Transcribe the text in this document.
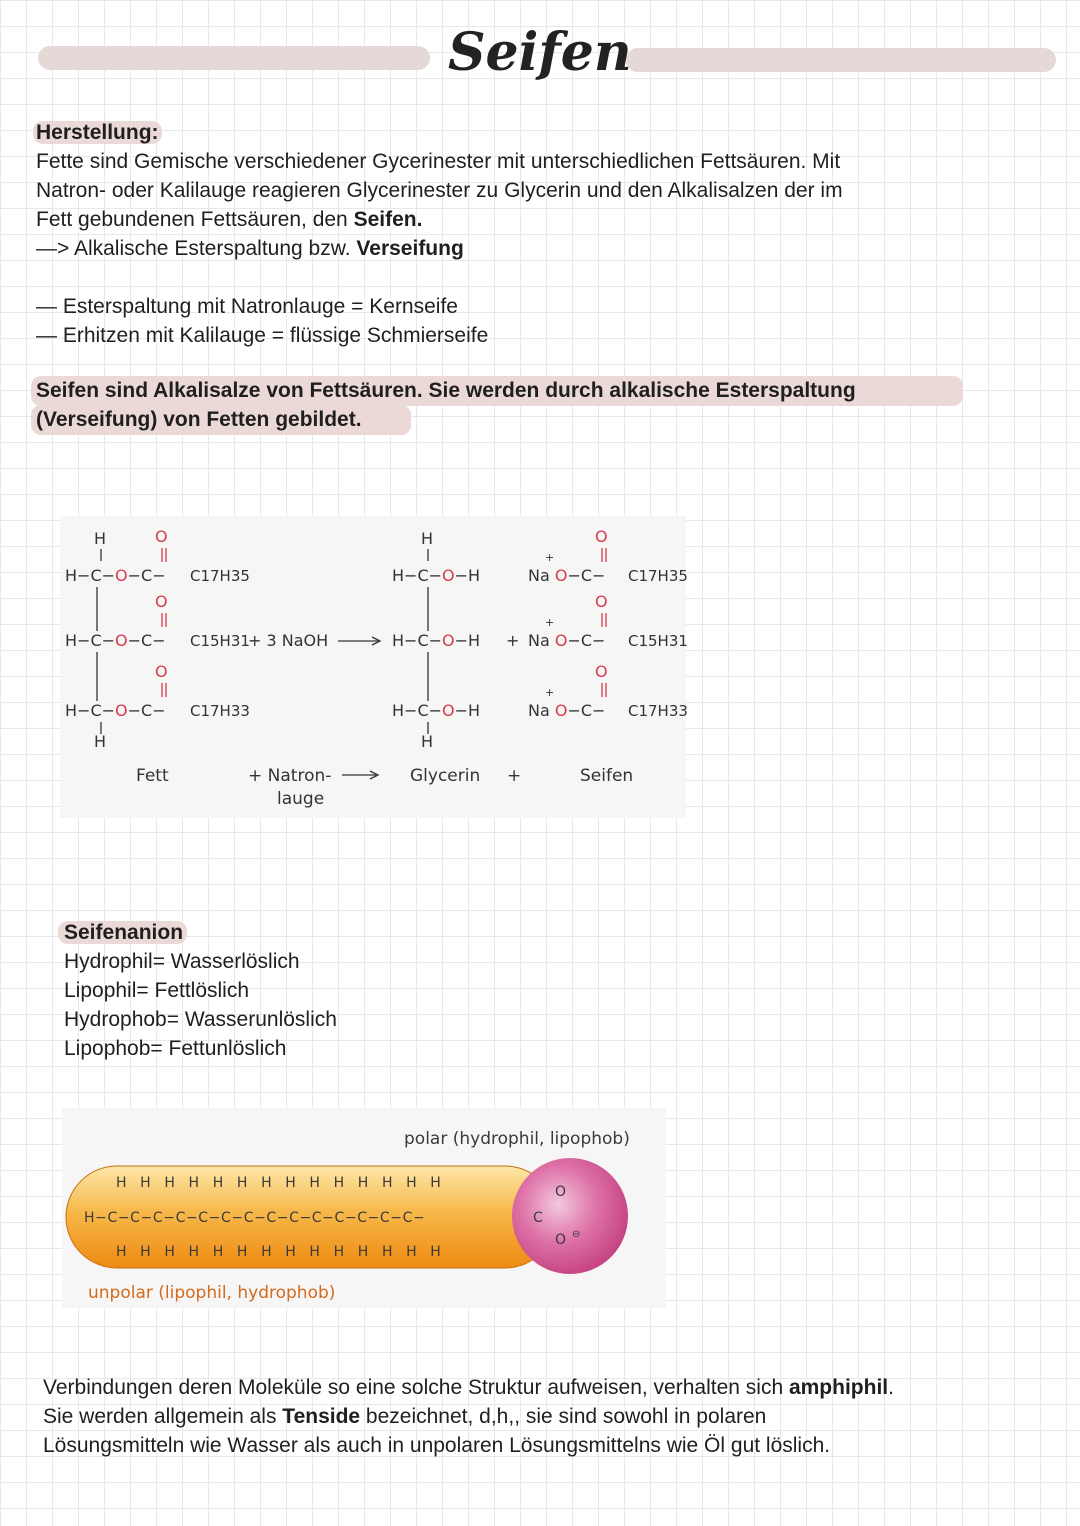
Seifen
Herstellung:
Fette sind Gemische verschiedener Gycerinester mit unterschiedlichen Fettsäuren. Mit
Natron- oder Kalilauge reagieren Glycerinester zu Glycerin und den Alkalisalzen der im
Fett gebundenen Fettsäuren, den Seifen.
—> Alkalische Esterspaltung bzw. Verseifung
— Esterspaltung mit Natronlauge = Kernseife
— Erhitzen mit Kalilauge = flüssige Schmierseife
Seifen sind Alkalisalze von Fettsäuren. Sie werden durch alkalische Esterspaltung
(Verseifung) von Fetten gebildet.
H
H−C−O−C−
H−C−O−C−
H−C−O−C−
H
O
O
O
C17H35
C15H31
C17H33
+ 3 NaOH
H
H−C−O−H
H−C−O−H
H−C−O−H
H
+
Na O−C−
Na O−C−
Na O−C−
+
+
+
O
O
O
C17H35
C15H31
C17H33
Fett	+ Natron-
lauge
Glycerin +	Seifen
Seifenanion
Hydrophil= Wasserlöslich
Lipophil= Fettlöslich
Hydrophob= Wasserunlöslich
Lipophob= Fettunlöslich
H H H H H H H H H H H H H H
H−C−C−C−C−C−C−C−C−C−C−C−C−C−C−
H H H H H H H H H H H H H H
C
O
O ⊖
polar (hydrophil, lipophob)
unpolar (lipophil, hydrophob)
Verbindungen deren Moleküle so eine solche Struktur aufweisen, verhalten sich amphiphil.
Sie werden allgemein als Tenside bezeichnet, d,h,, sie sind sowohl in polaren
Lösungsmitteln wie Wasser als auch in unpolaren Lösungsmittelns wie Öl gut löslich.
